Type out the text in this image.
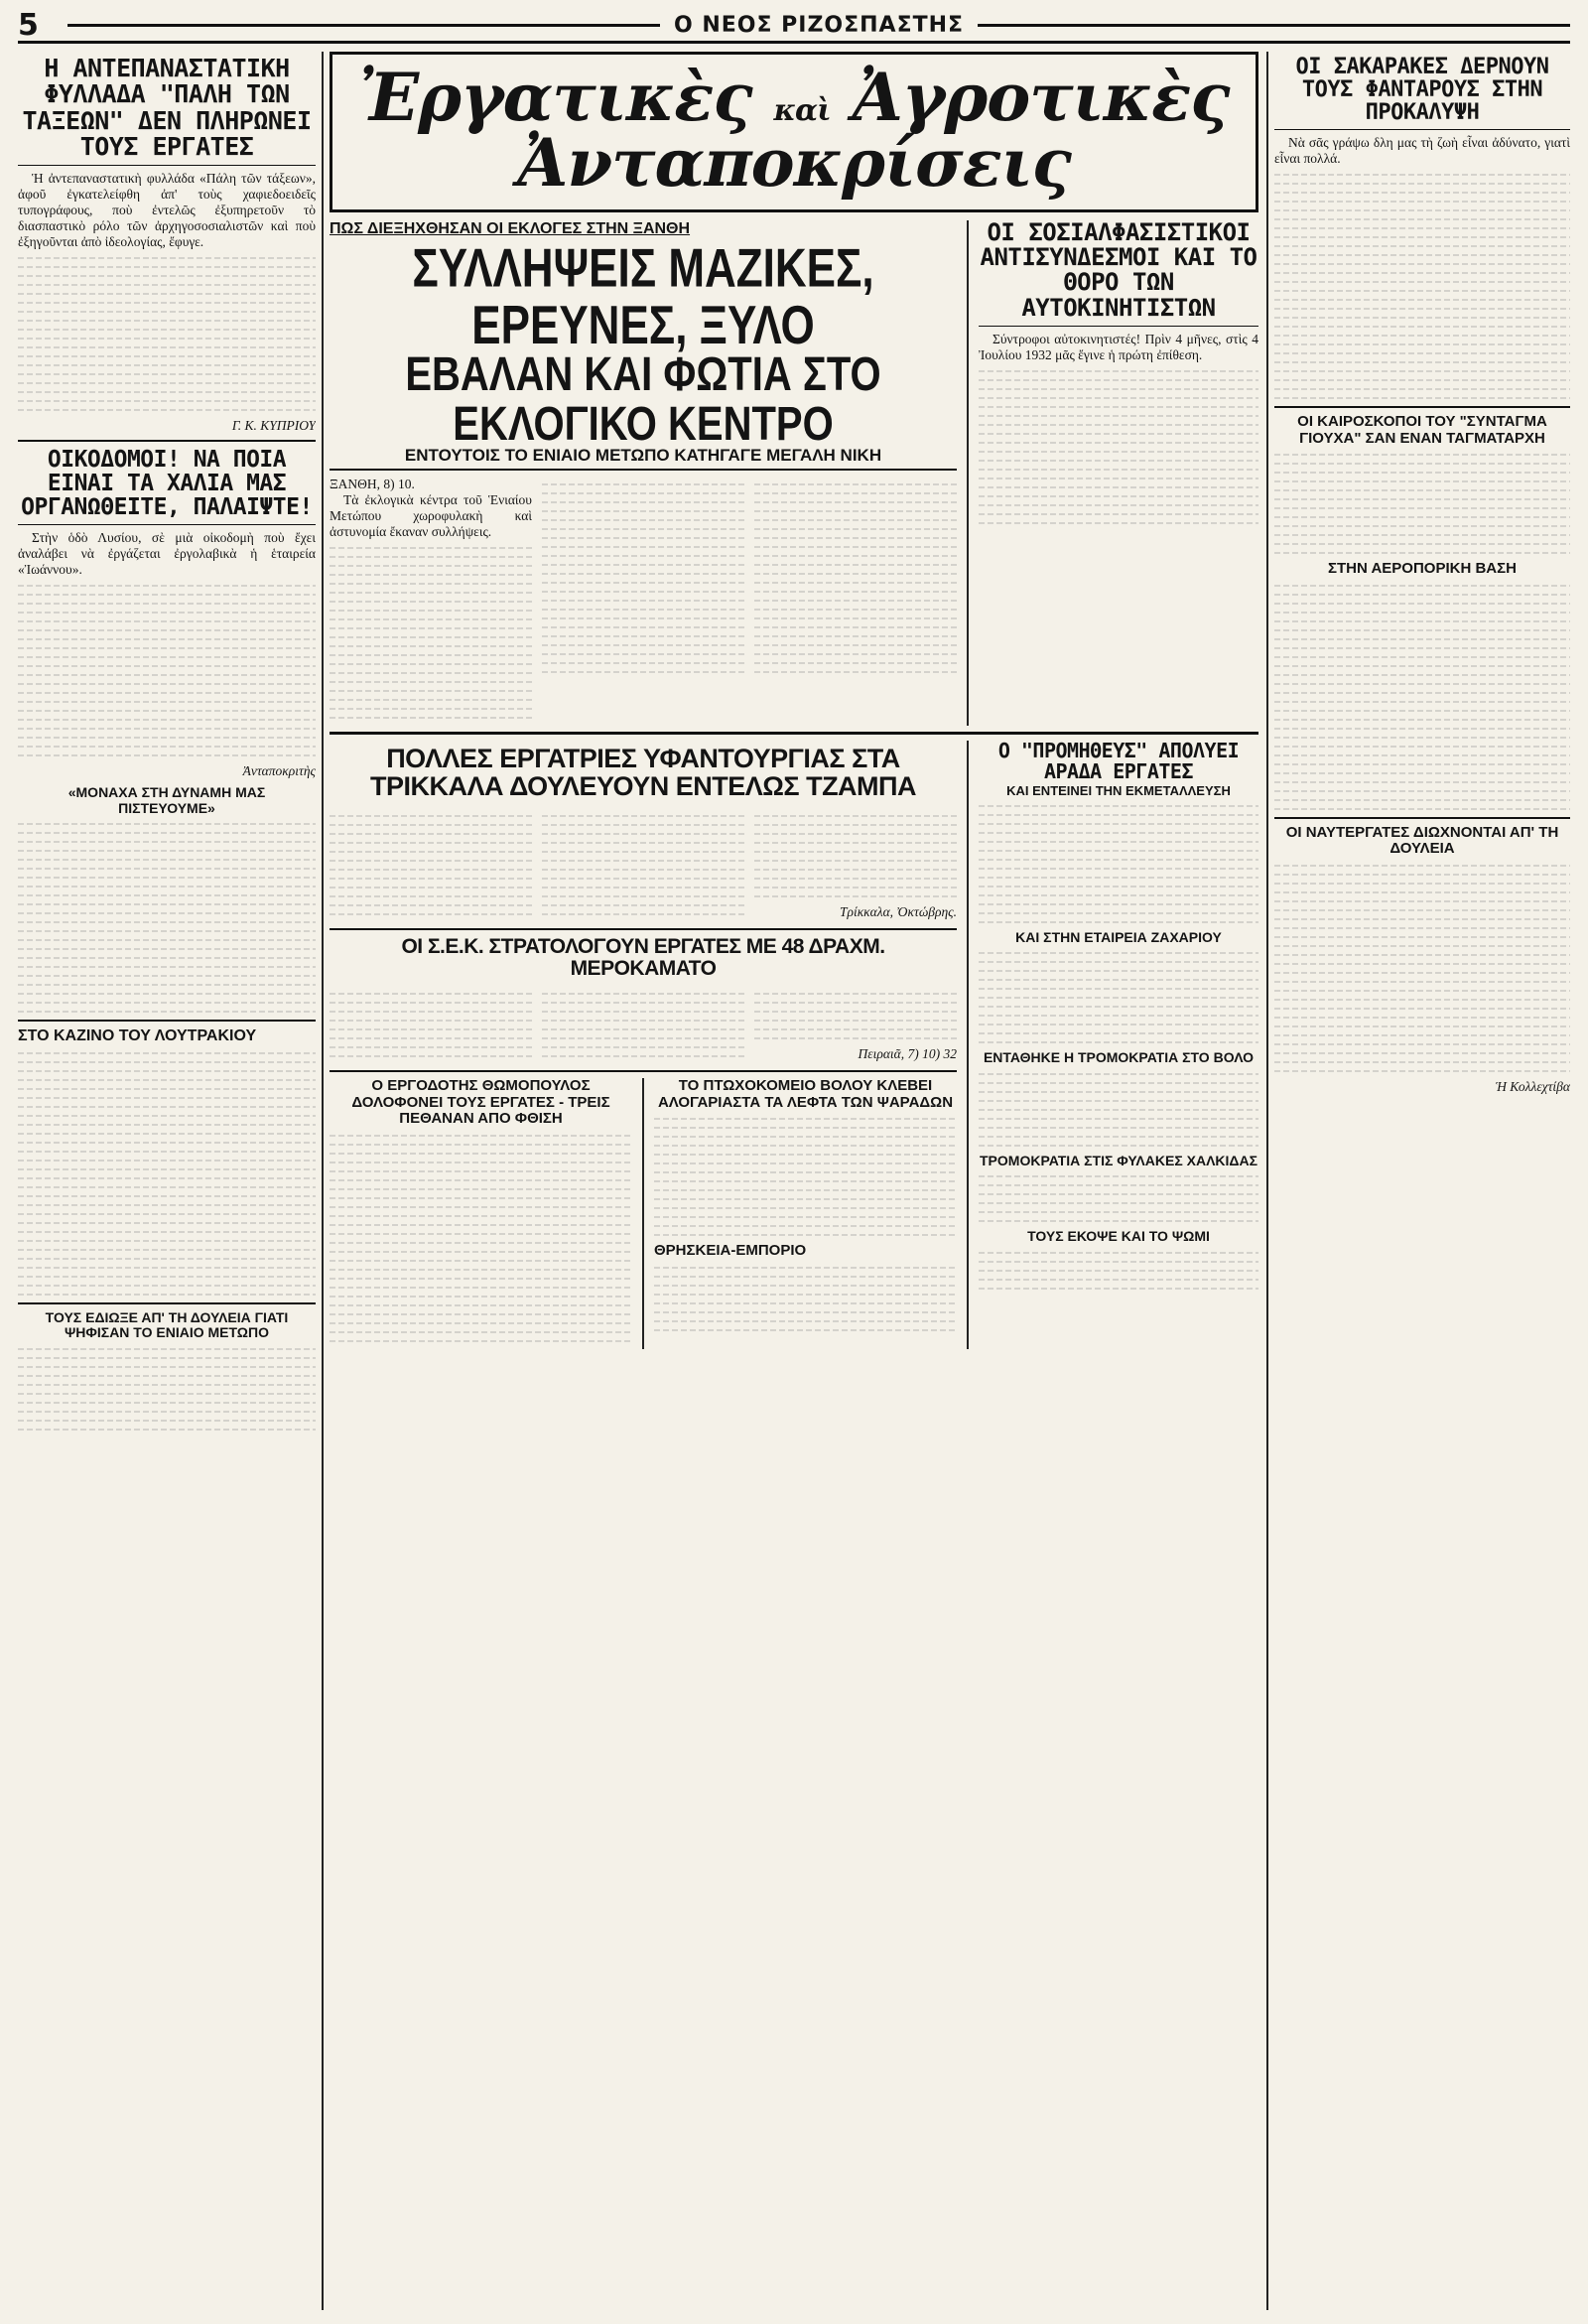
5	Ο ΝΕΟΣ ΡΙΖΟΣΠΑΣΤΗΣ
Η ΑΝΤΕΠΑΝΑΣΤΑΤΙΚΗ ΦΥΛΛΑΔΑ "ΠΑΛΗ ΤΩΝ ΤΑΞΕΩΝ" ΔΕΝ ΠΛΗΡΩΝΕΙ ΤΟΥΣ ΕΡΓΑΤΕΣ

Ἡ ἀντεπαναστατικὴ φυλλάδα «Πάλη τῶν τάξεων», ἀφοῦ ἐγκατελείφθη ἀπ' τοὺς χαφιεδοειδεῖς τυπογράφους, ποὺ ἐντελῶς ἐξυπηρετοῦν τὸ διασπαστικὸ ρόλο τῶν ἀρχηγοσοσιαλιστῶν καὶ ποὺ ἐξηγοῦνται ἀπὸ ἰδεολογίας, ἔφυγε.

Γ. Κ. ΚΥΠΡΙΟΥ
ΟΙΚΟΔΟΜΟΙ! ΝΑ ΠΟΙΑ ΕΙΝΑΙ ΤΑ ΧΑΛΙΑ ΜΑΣ ΟΡΓΑΝΩΘΕΙΤΕ, ΠΑΛΑΙΨΤΕ!

Στὴν ὁδὸ Λυσίου, σὲ μιὰ οἰκοδομὴ ποὺ ἔχει ἀναλάβει νὰ ἐργάζεται ἐργολαβικὰ ἡ ἑταιρεία «Ἰωάννου».

Ἀνταποκριτὴς
«ΜΟΝΑΧΑ ΣΤΗ ΔΥΝΑΜΗ ΜΑΣ ΠΙΣΤΕΥΟΥΜΕ»
ΣΤΟ ΚΑΖΙΝΟ ΤΟΥ ΛΟΥΤΡΑΚΙΟΥ
ΤΟΥΣ ΕΔΙΩΞΕ ΑΠ' ΤΗ ΔΟΥΛΕΙΑ ΓΙΑΤΙ ΨΗΦΙΣΑΝ ΤΟ ΕΝΙΑΙΟ ΜΕΤΩΠΟ
Ἐργατικὲς καὶ Ἀγροτικὲς Ἀνταποκρίσεις
ΠΩΣ ΔΙΕΞΗΧΘΗΣΑΝ ΟΙ ΕΚΛΟΓΕΣ ΣΤΗΝ ΞΑΝΘΗ
ΣΥΛΛΗΨΕΙΣ ΜΑΖΙΚΕΣ, ΕΡΕΥΝΕΣ, ΞΥΛΟ
ΕΒΑΛΑΝ ΚΑΙ ΦΩΤΙΑ ΣΤΟ ΕΚΛΟΓΙΚΟ ΚΕΝΤΡΟ
ΕΝΤΟΥΤΟΙΣ ΤΟ ΕΝΙΑΙΟ ΜΕΤΩΠΟ ΚΑΤΗΓΑΓΕ ΜΕΓΑΛΗ ΝΙΚΗ

ΞΑΝΘΗ, 8) 10.

Τὰ ἐκλογικὰ κέντρα τοῦ Ἑνιαίου Μετώπου χωροφυλακὴ καὶ ἀστυνομία ἔκαναν συλλήψεις.

ΟΙ ΣΟΣΙΑΛΦΑΣΙΣΤΙΚΟΙ ΑΝΤΙΣΥΝΔΕΣΜΟΙ ΚΑΙ ΤΟ ΘΟΡΟ ΤΩΝ ΑΥΤΟΚΙΝΗΤΙΣΤΩΝ

Σύντροφοι αὐτοκινητιστές! Πρὶν 4 μῆνες, στὶς 4 Ἰουλίου 1932 μᾶς ἔγινε ἡ πρώτη ἐπίθεση.

ΠΟΛΛΕΣ ΕΡΓΑΤΡΙΕΣ ΥΦΑΝΤΟΥΡΓΙΑΣ ΣΤΑ ΤΡΙΚΚΑΛΑ ΔΟΥΛΕΥΟΥΝ ΕΝΤΕΛΩΣ ΤΖΑΜΠΑ
Τρίκκαλα, Ὀκτώβρης.
ΟΙ Σ.Ε.Κ. ΣΤΡΑΤΟΛΟΓΟΥΝ ΕΡΓΑΤΕΣ ΜΕ 48 ΔΡΑΧΜ. ΜΕΡΟΚΑΜΑΤΟ
Πειραιᾶ, 7) 10) 32
Ο ΕΡΓΟΔΟΤΗΣ ΘΩΜΟΠΟΥΛΟΣ ΔΟΛΟΦΟΝΕΙ ΤΟΥΣ ΕΡΓΑΤΕΣ - ΤΡΕΙΣ ΠΕΘΑΝΑΝ ΑΠΟ ΦΘΙΣΗ
ΤΟ ΠΤΩΧΟΚΟΜΕΙΟ ΒΟΛΟΥ ΚΛΕΒΕΙ ΑΛΟΓΑΡΙΑΣΤΑ ΤΑ ΛΕΦΤΑ ΤΩΝ ΨΑΡΑΔΩΝ
ΘΡΗΣΚΕΙΑ-ΕΜΠΟΡΙΟ
Ο "ΠΡΟΜΗΘΕΥΣ" ΑΠΟΛΥΕΙ ΑΡΑΔΑ ΕΡΓΑΤΕΣ
ΚΑΙ ΕΝΤΕΙΝΕΙ ΤΗΝ ΕΚΜΕΤΑΛΛΕΥΣΗ
ΚΑΙ ΣΤΗΝ ΕΤΑΙΡΕΙΑ ΖΑΧΑΡΙΟΥ
ΕΝΤΑΘΗΚΕ Η ΤΡΟΜΟΚΡΑΤΙΑ ΣΤΟ ΒΟΛΟ
ΤΡΟΜΟΚΡΑΤΙΑ ΣΤΙΣ ΦΥΛΑΚΕΣ ΧΑΛΚΙΔΑΣ
ΤΟΥΣ ΕΚΟΨΕ ΚΑΙ ΤΟ ΨΩΜΙ
ΟΙ ΣΑΚΑΡΑΚΕΣ ΔΕΡΝΟΥΝ ΤΟΥΣ ΦΑΝΤΑΡΟΥΣ ΣΤΗΝ ΠΡΟΚΑΛΥΨΗ

Νὰ σᾶς γράψω δλη μας τὴ ζωὴ εἶναι ἀδύνατο, γιατὶ εἶναι πολλά.

ΟΙ ΚΑΙΡΟΣΚΟΠΟΙ ΤΟΥ "ΣΥΝΤΑΓΜΑ ΓΙΟΥΧΑ" ΣΑΝ ΕΝΑΝ ΤΑΓΜΑΤΑΡΧΗ
ΣΤΗΝ ΑΕΡΟΠΟΡΙΚΗ ΒΑΣΗ
ΟΙ ΝΑΥΤΕΡΓΑΤΕΣ ΔΙΩΧΝΟΝΤΑΙ ΑΠ' ΤΗ ΔΟΥΛΕΙΑ
Ἡ Κολλεχτίβα
